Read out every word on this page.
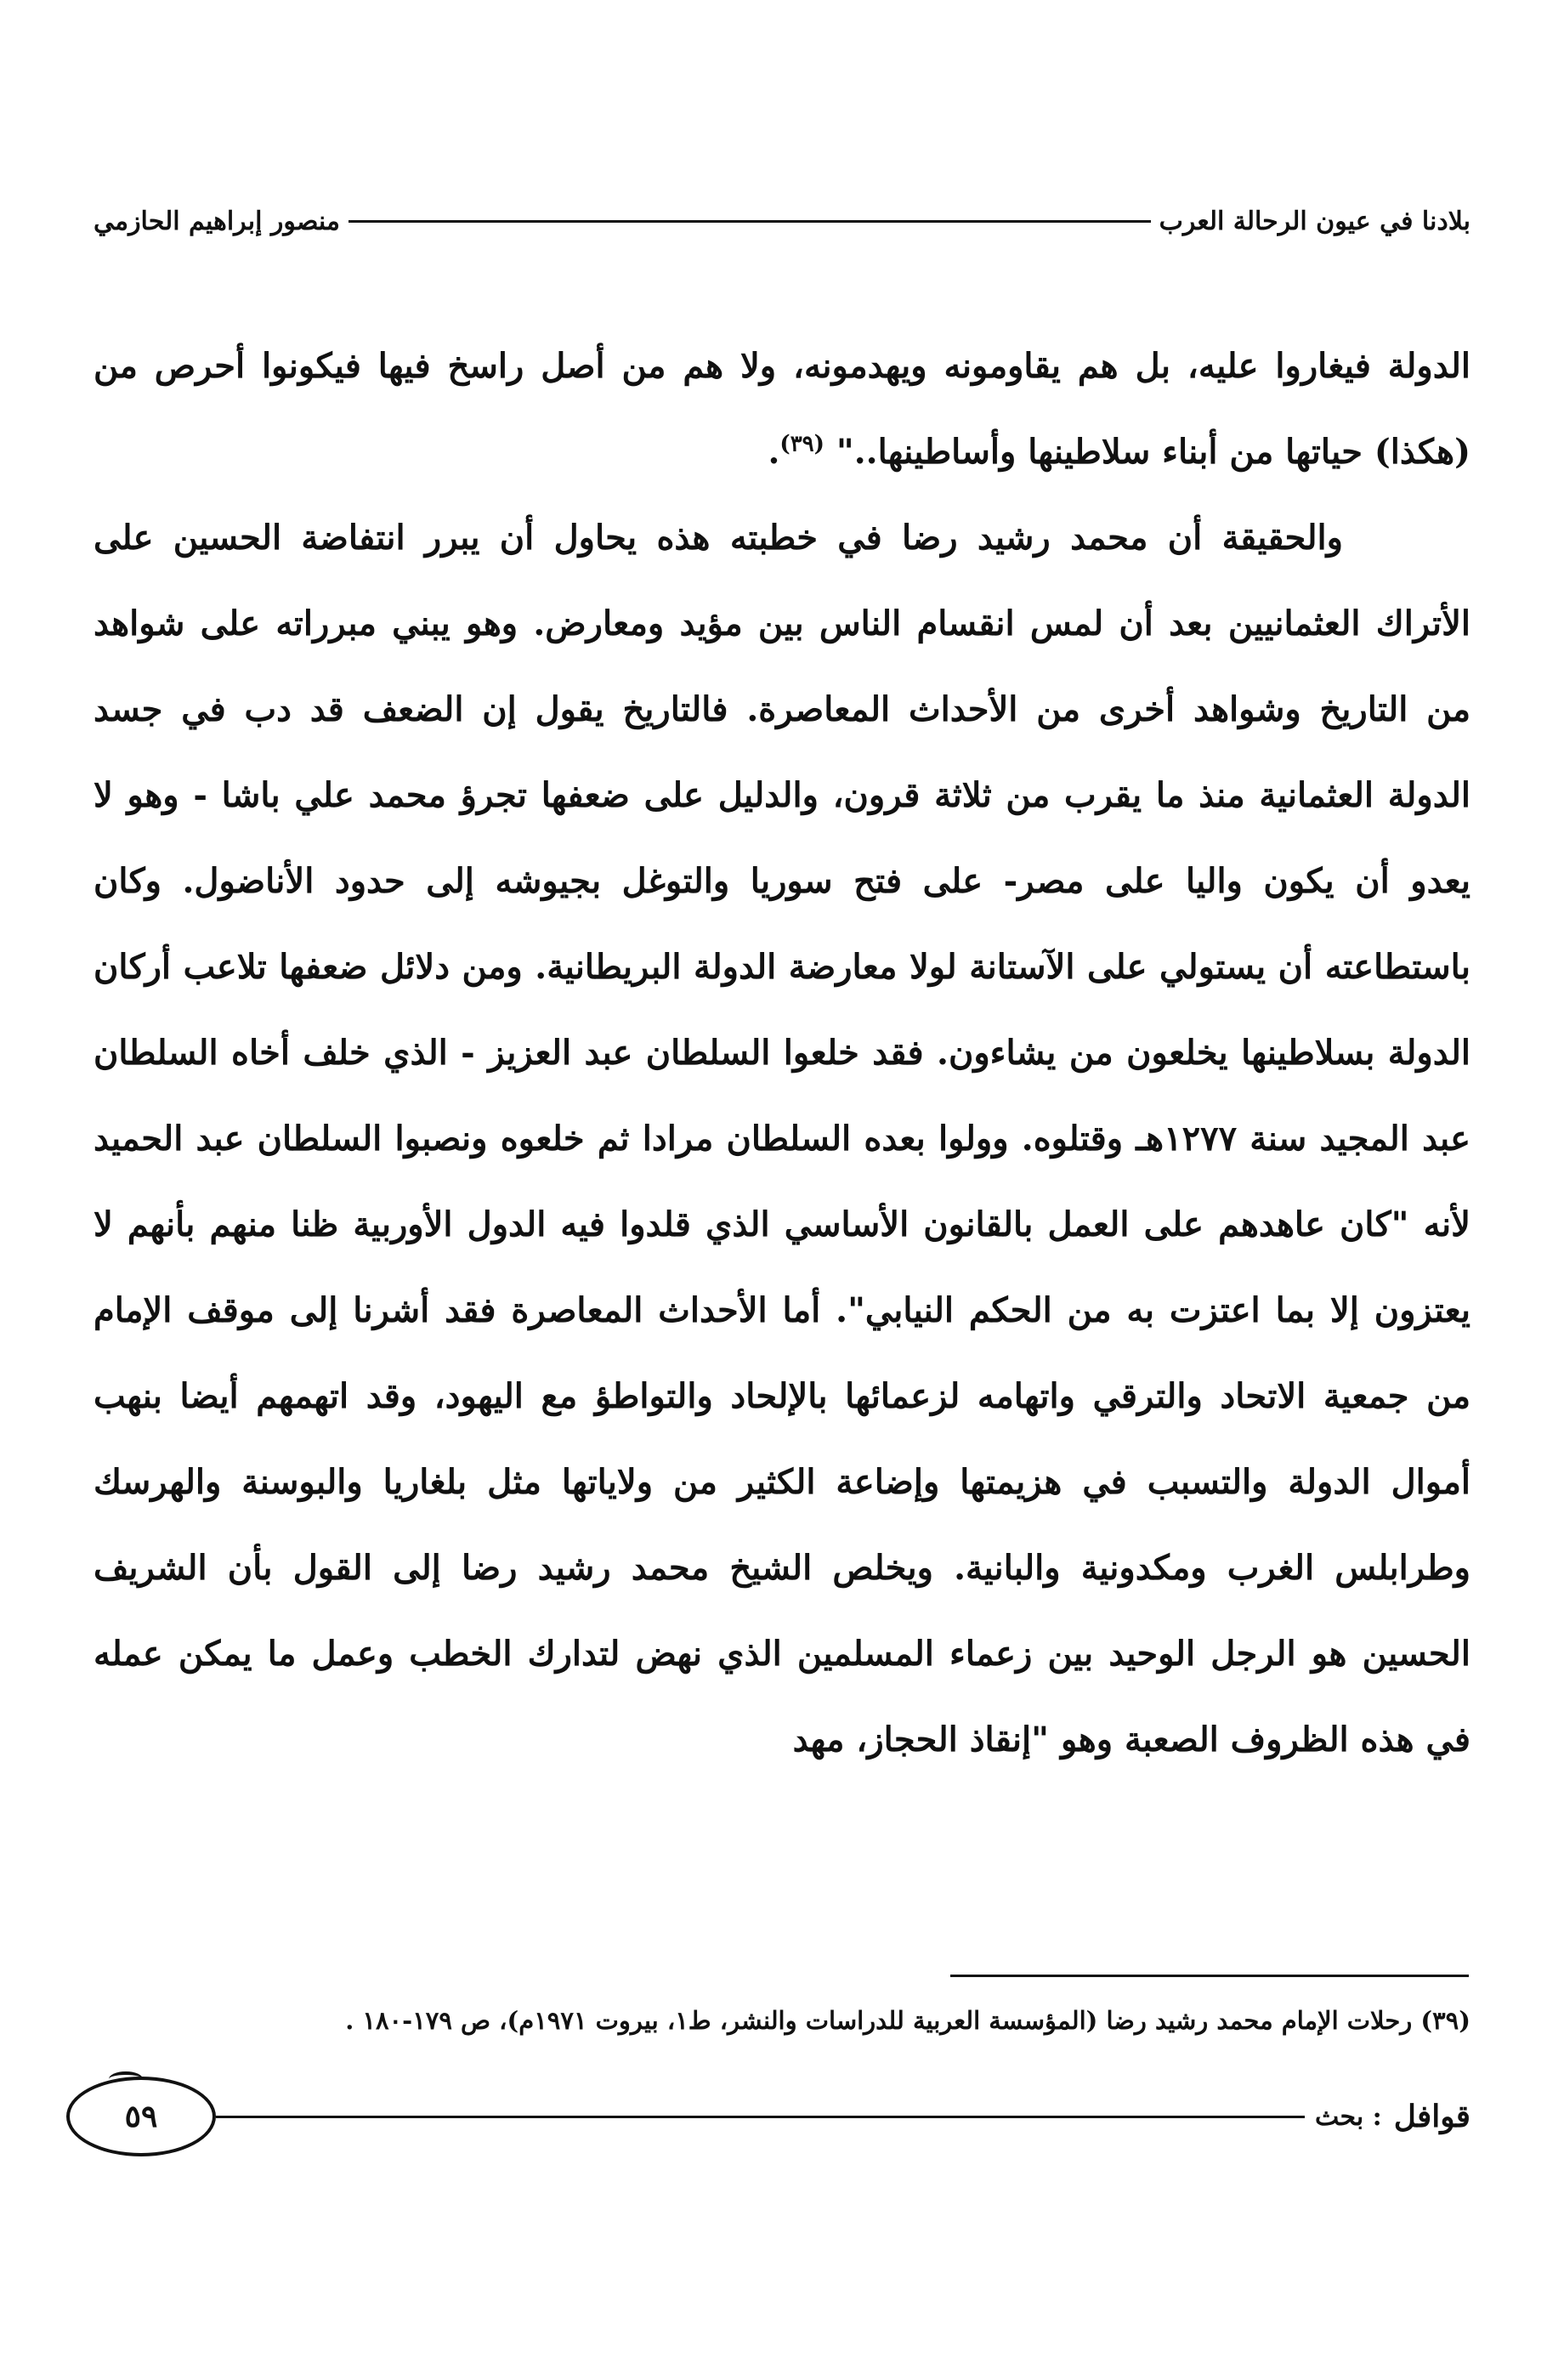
بلادنا في عيون الرحالة العرب
منصور إبراهيم الحازمي

الدولة فيغاروا عليه، بل هم يقاومونه ويهدمونه، ولا هم من أصل راسخ فيها فيكونوا أحرص من (هكذا) حياتها من أبناء سلاطينها وأساطينها.." $^{(٣٩)}$.

والحقيقة أن محمد رشيد رضا في خطبته هذه يحاول أن يبرر انتفاضة الحسين على الأتراك العثمانيين بعد أن لمس انقسام الناس بين مؤيد ومعارض. وهو يبني مبرراته على شواهد من التاريخ وشواهد أخرى من الأحداث المعاصرة. فالتاريخ يقول إن الضعف قد دب في جسد الدولة العثمانية منذ ما يقرب من ثلاثة قرون، والدليل على ضعفها تجرؤ محمد علي باشا - وهو لا يعدو أن يكون واليا على مصر- على فتح سوريا والتوغل بجيوشه إلى حدود الأناضول. وكان باستطاعته أن يستولي على الآستانة لولا معارضة الدولة البريطانية. ومن دلائل ضعفها تلاعب أركان الدولة بسلاطينها يخلعون من يشاءون. فقد خلعوا السلطان عبد العزيز - الذي خلف أخاه السلطان عبد المجيد سنة ١٢٧٧هـ وقتلوه. وولوا بعده السلطان مرادا ثم خلعوه ونصبوا السلطان عبد الحميد لأنه "كان عاهدهم على العمل بالقانون الأساسي الذي قلدوا فيه الدول الأوربية ظنا منهم بأنهم لا يعتزون إلا بما اعتزت به من الحكم النيابي". أما الأحداث المعاصرة فقد أشرنا إلى موقف الإمام من جمعية الاتحاد والترقي واتهامه لزعمائها بالإلحاد والتواطؤ مع اليهود، وقد اتهمهم أيضا بنهب أموال الدولة والتسبب في هزيمتها وإضاعة الكثير من ولاياتها مثل بلغاريا والبوسنة والهرسك وطرابلس الغرب ومكدونية والبانية. ويخلص الشيخ محمد رشيد رضا إلى القول بأن الشريف الحسين هو الرجل الوحيد بين زعماء المسلمين الذي نهض لتدارك الخطب وعمل ما يمكن عمله في هذه الظروف الصعبة وهو "إنقاذ الحجاز، مهد

(٣٩) رحلات الإمام محمد رشيد رضا (المؤسسة العربية للدراسات والنشر، ط١، بيروت ١٩٧١م)، ص ١٧٩-١٨٠ .
قوافل
: بحث
٥٩
